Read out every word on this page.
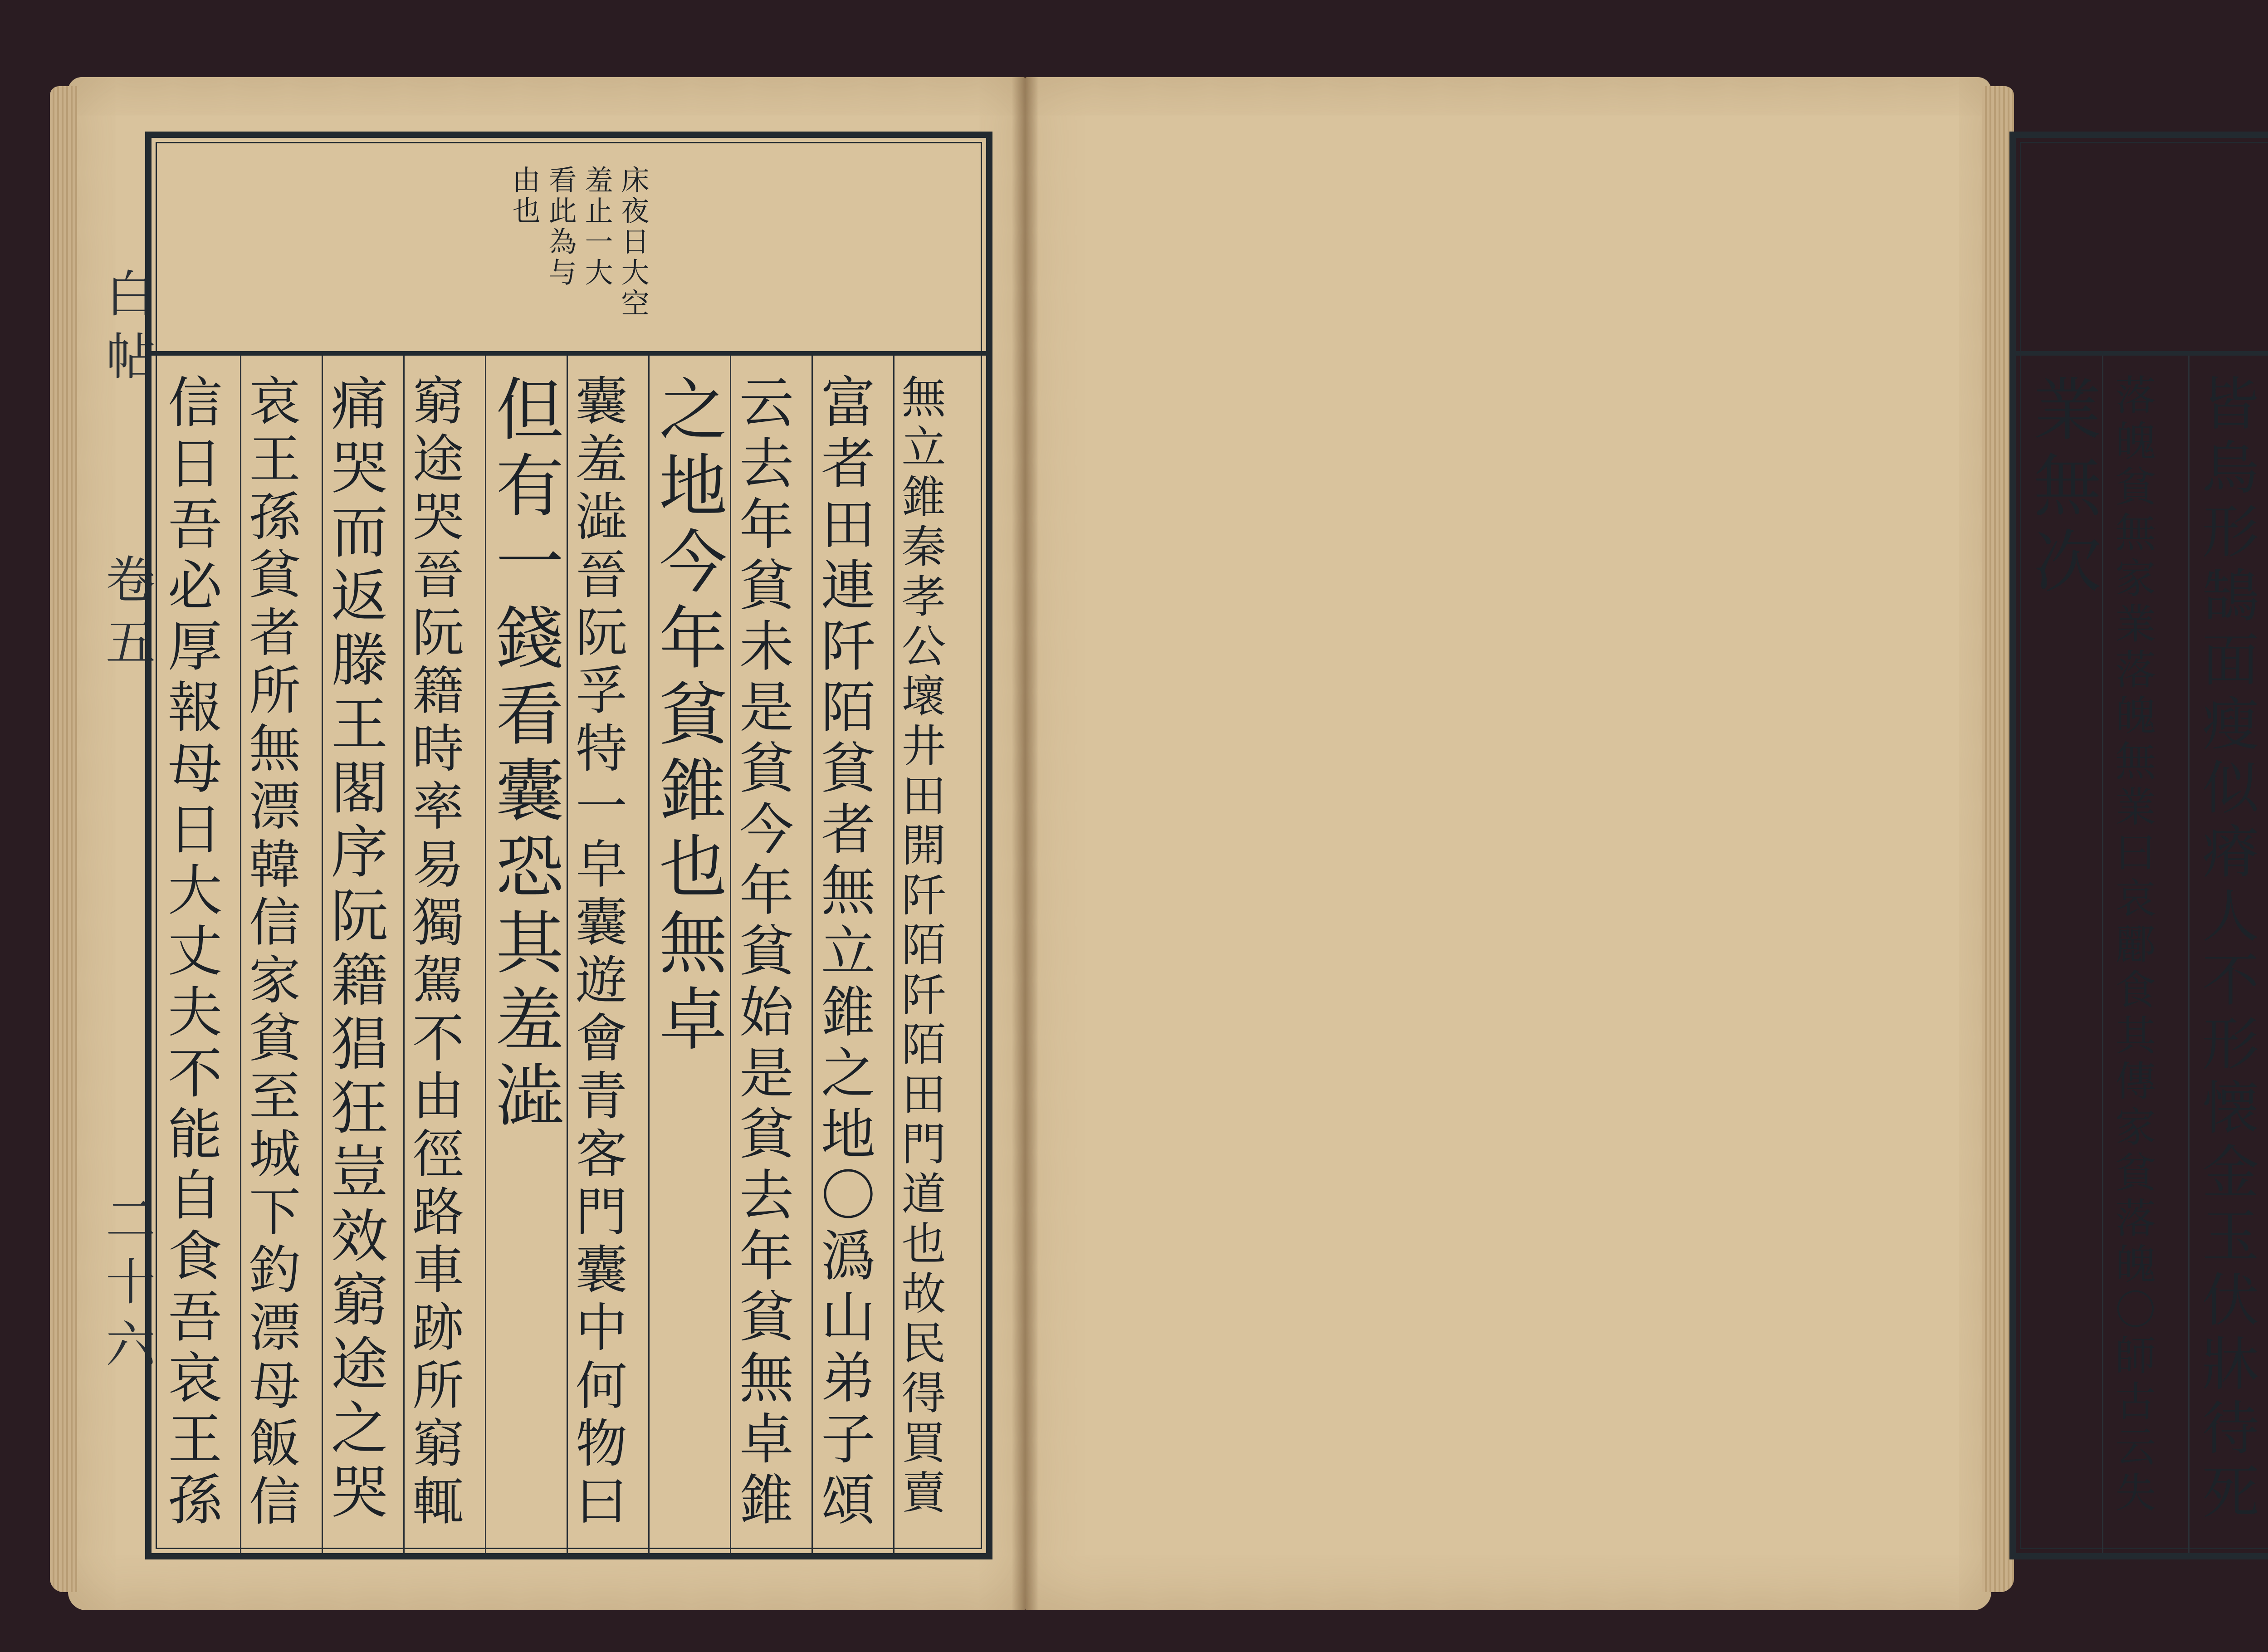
白帖
卷五
二十六
由也 看此為与 羞止一大 床夜日大空
信日吾必厚報母日大丈夫不能自食吾哀王孫 哀王孫貧者所無漂韓信家貧至城下釣漂母飯信 痛哭而返滕王閣序阮籍猖狂豈效窮途之哭 窮途哭晉阮籍時率易獨駕不由徑路車跡所窮輒 但有一錢看囊恐其羞澁 囊羞澁晉阮孚特一皁囊遊會青客門囊中何物曰 之地今年貧錐也無卓 云去年貧未是貧今年貧始是貧去年貧無卓錐 富者田連阡陌貧者無立錐之地〇潙山弟子頌 無立錐秦孝公壞井田開阡陌阡陌田門道也故民得買賣	皆烏形鵠面瘦似瘠人不形懐金玉伏牀待死
落魄貧無家業落魄無業曰哀酈食其傳家貧落魄〇師古云失
業無次
